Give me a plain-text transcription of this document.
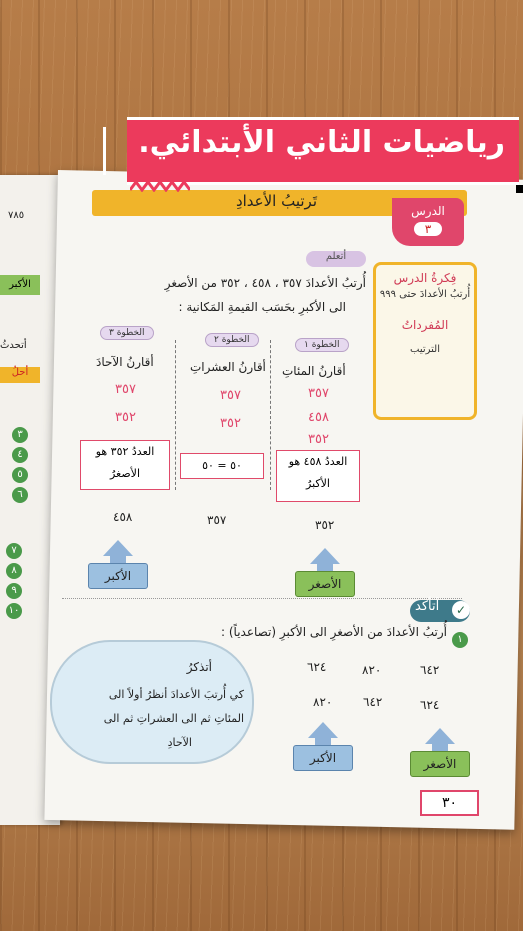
٧٨٥
الأكبر
أتحدثُ
أحلُ
٣
٤
٥
٦
٧
٨
٩
١٠
تَرتيبُ الأعدادِ
الدرس
٣
أتعلم
فِكرةُ الدرس
أُرتبُ الأعدادَ حتى ٩٩٩
المُفرداتُ
الترتيب
أُرتبُ الأعدادَ ٣٥٧ ، ٤٥٨ ، ٣٥٢ من الأصغرِ
الى الأكبرِ بحَسَب القيمةِ المَكانية :
الخطوة ١
الخطوة ٢
الخطوة ٣
أقارنُ المئاتِ
٣٥٧
٤٥٨
٣٥٢
العددُ ٤٥٨ هو الأكبرُ
أقارنُ العشراتِ
٣٥٧
٣٥٢
٥٠ = ٥٠
أقارنُ الآحادَ
٣٥٧
٣٥٢
العددُ ٣٥٢ هو الأصغرُ
٣٥٢
٣٥٧
٤٥٨
الأصغر
الأكبر
أتأكد	✓
١
أُرتبُ الأعدادَ من الأصغرِ الى الأكبرِ (تصاعدياً) :
٦٤٢
٨٢٠
٦٢٤
٦٢٤
٦٤٢
٨٢٠
الأصغر
الأكبر
أتذكرُ
كي أُرتبَ الأعدادَ أنظرُ أولاً الى
المئاتِ ثم الى العشراتِ ثم الى
الآحادِ
٣٠
رياضيات الثاني الأبتدائي.
